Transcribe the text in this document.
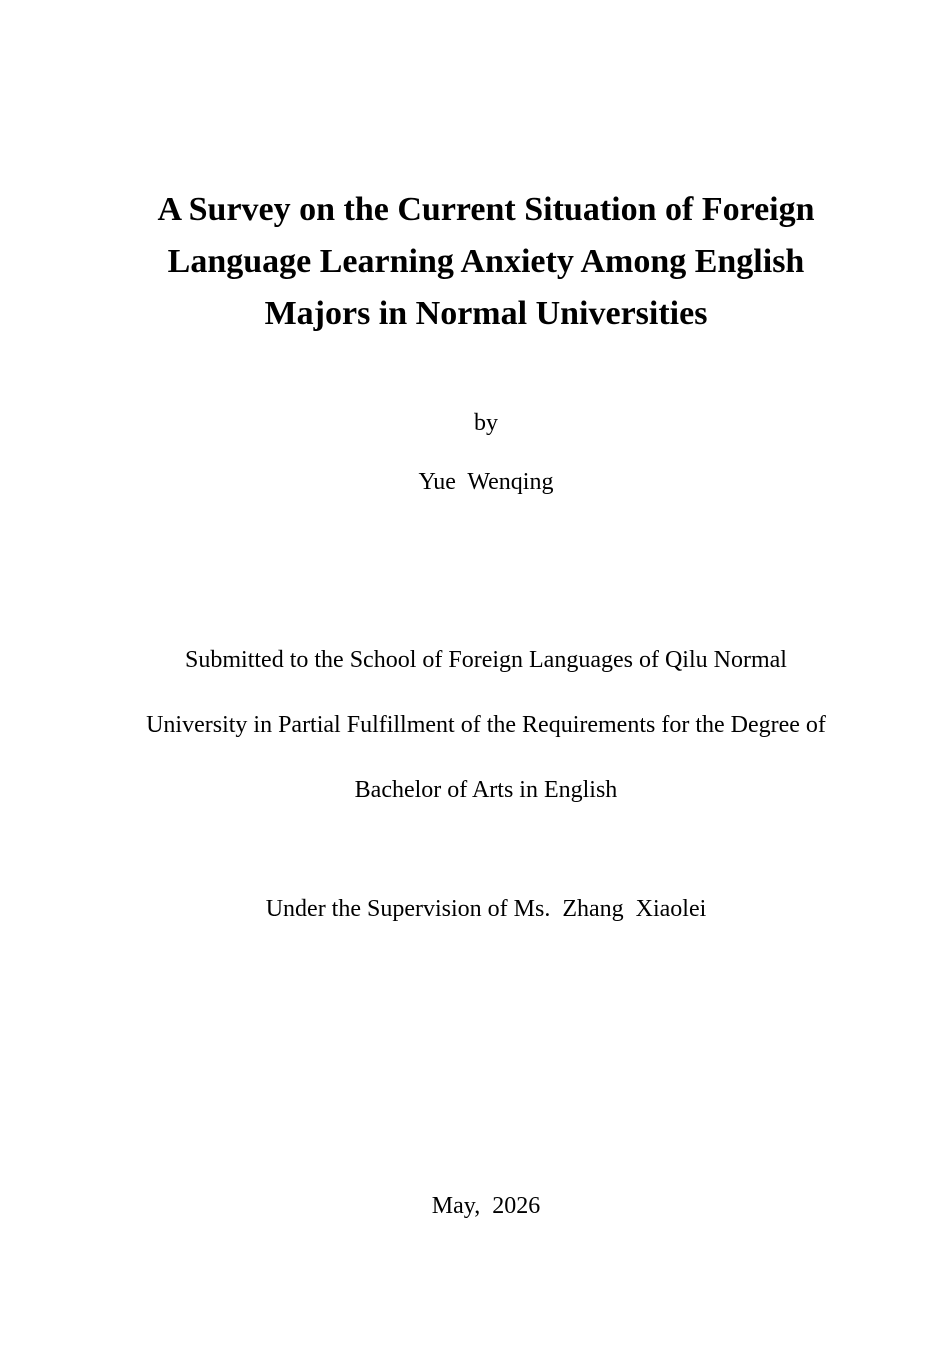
A Survey on the Current Situation of Foreign
Language Learning Anxiety Among English
Majors in Normal Universities
by
Yue  Wenqing
Submitted to the School of Foreign Languages of Qilu Normal
University in Partial Fulfillment of the Requirements for the Degree of
Bachelor of Arts in English
Under the Supervision of Ms.  Zhang  Xiaolei
May,  2026
